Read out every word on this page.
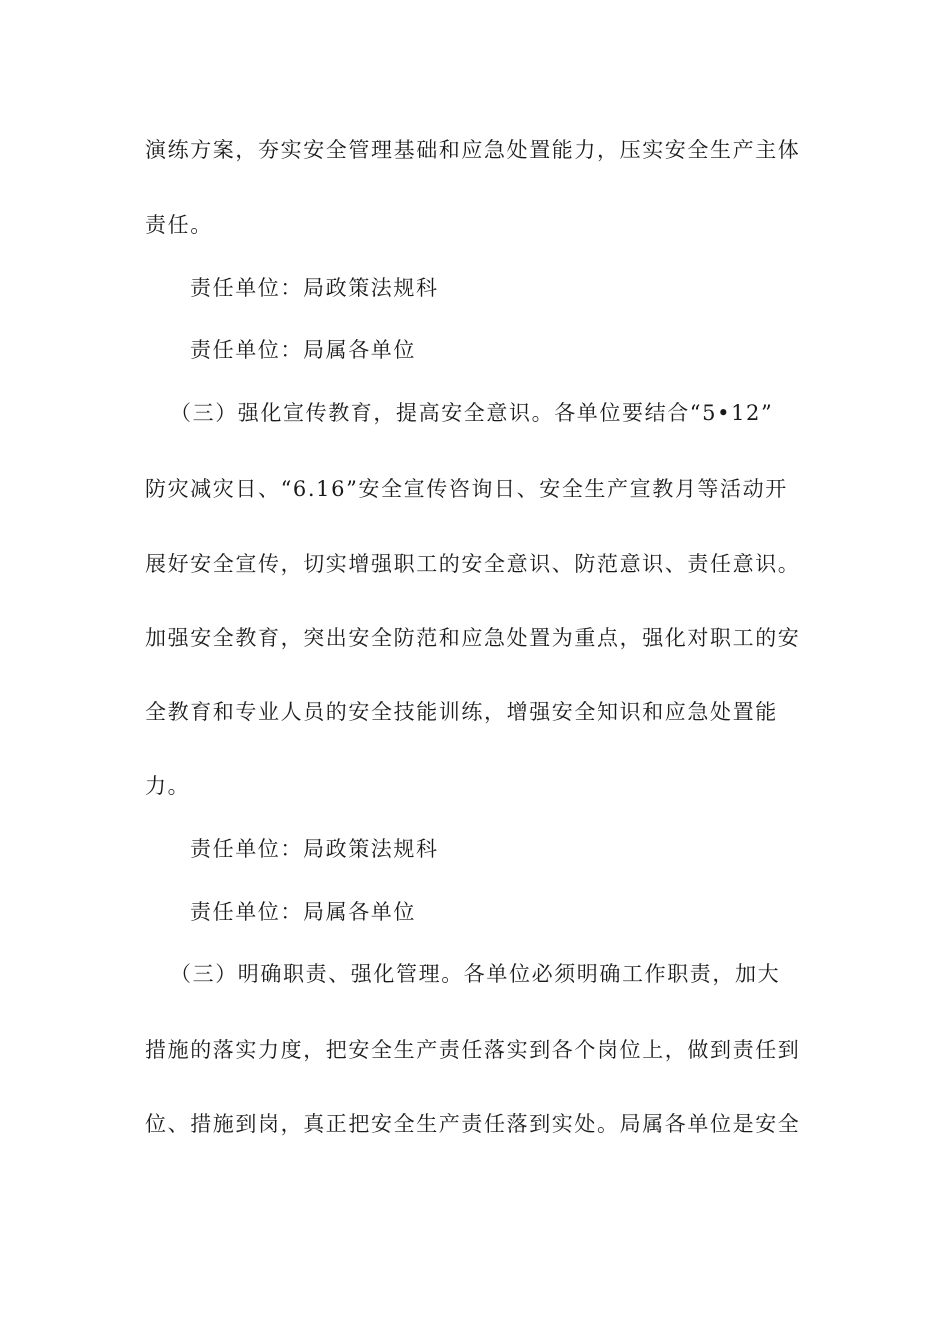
演练方案，夯实安全管理基础和应急处置能力，压实安全生产主体
责任。
责任单位：局政策法规科
责任单位：局属各单位
（三）强化宣传教育，提高安全意识。各单位要结合“5•12”
防灾减灾日、“6.16”安全宣传咨询日、安全生产宣教月等活动开
展好安全宣传，切实增强职工的安全意识、防范意识、责任意识。
加强安全教育，突出安全防范和应急处置为重点，强化对职工的安
全教育和专业人员的安全技能训练，增强安全知识和应急处置能
力。
责任单位：局政策法规科
责任单位：局属各单位
（三）明确职责、强化管理。各单位必须明确工作职责，加大
措施的落实力度，把安全生产责任落实到各个岗位上，做到责任到
位、措施到岗，真正把安全生产责任落到实处。局属各单位是安全
